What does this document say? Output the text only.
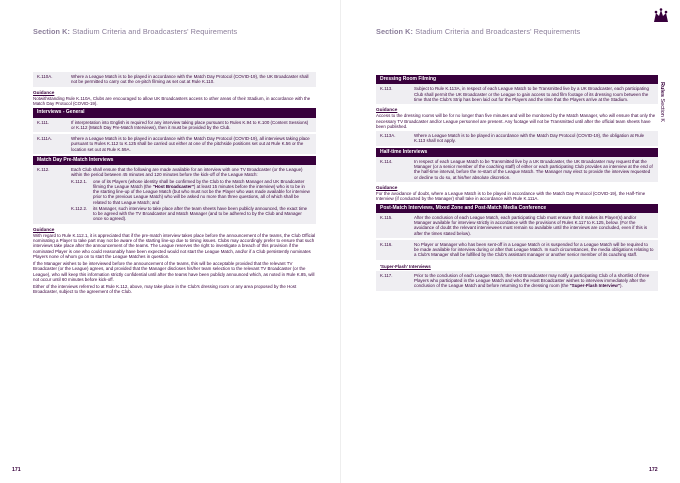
Section K: Stadium Criteria and Broadcasters' Requirements
K.110A.	Where a League Match is to be played in accordance with the Match Day Protocol (COVID-19), the UK Broadcaster shall not be permitted to carry out the on-pitch filming as set out at Rule K.110.
Guidance
Notwithstanding Rule K.110A, Clubs are encouraged to allow UK Broadcasters access to other areas of their Stadium, in accordance with the Match Day Protocol (COVID-19).
Interviews - General
K.111.	If interpretation into English is required for any interview taking place pursuant to Rules K.94 to K.100 (Content Sessions) or K.112 (Match Day Pre-Match Interviews), then it must be provided by the Club.
K.111A.	Where a League Match is to be played in accordance with the Match Day Protocol (COVID-19), all interviews taking place pursuant to Rules K.112 to K.125 shall be carried out either at one of the pitchside positions set out at Rule K.56 or the location set out at Rule K.59A.
Match Day Pre-Match Interviews
K.112.	Each Club shall ensure that the following are made available for an interview with one TV Broadcaster (or the League) within the period between 45 minutes and 120 minutes before the kick-off of the League Match:
K.112.1.	one of its Players (whose identity shall be confirmed by the Club to the Match Manager and UK Broadcaster filming the League Match (the "Host Broadcaster") at least 15 minutes before the interview) who is to be in the starting line-up of the League Match (but who must not be the Player who was made available for interview prior to the previous League Match) who will be asked no more than three questions, all of which shall be related to that League Match; and
K.112.2.	its Manager, such interview to take place after the team sheets have been publicly announced, the exact time to be agreed with the TV Broadcaster and Match Manager (and to be adhered to by the Club and Manager once so agreed).
Guidance
With regard to Rule K.112.1, it is appreciated that if the pre-match interview takes place before the announcement of the teams, the Club Official nominating a Player to take part may not be aware of the starting line-up due to timing issues. Clubs may accordingly prefer to ensure that such interviews take place after the announcement of the teams. The League reserves the right to investigate a breach of this provision if the nominated Player is one who could reasonably have been expected would not start the League Match, and/or if a Club persistently nominates Players none of whom go on to start the League Matches in question.
If the Manager wishes to be interviewed before the announcement of the teams, this will be acceptable provided that the relevant TV Broadcaster (or the League) agrees, and provided that the Manager discloses his/her team selection to the relevant TV Broadcaster (or the League), who will keep this information strictly confidential until after the teams have been publicly announced which, as noted in Rule K.85, will not occur until 60 minutes before kick-off.
Either of the interviews referred to at Rule K.112, above, may take place in the Club's dressing room or any area proposed by the Host Broadcaster, subject to the agreement of the Club.
171
Section K: Stadium Criteria and Broadcasters' Requirements
Dressing Room Filming
K.113.	Subject to Rule K.113A, in respect of each League Match to be Transmitted live by a UK Broadcaster, each participating Club shall permit the UK Broadcaster or the League to gain access to and film footage of its dressing room between the time that the Club's Strip has been laid out for the Players and the time that the Players arrive at the Stadium.
Guidance
Access to the dressing rooms will be for no longer than five minutes and will be monitored by the Match Manager, who will ensure that only the necessary TV Broadcaster and/or League personnel are present. Any footage will not be Transmitted until after the official team sheets have been published.
K.113A.	Where a League Match is to be played in accordance with the Match Day Protocol (COVID-19), the obligation at Rule K.113 shall not apply.
Half-time Interviews
K.114.	In respect of each League Match to be Transmitted live by a UK Broadcaster, the UK Broadcaster may request that the Manager (or a senior member of the coaching staff) of either or each participating Club provides an interview at the end of the half-time interval, before the re-start of the League Match. The Manager may elect to provide the interview requested or decline to do so, at his/her absolute discretion.
Guidance
For the avoidance of doubt, where a League Match is to be played in accordance with the Match Day Protocol (COVID-19), the Half-Time Interview (if conducted by the Manager) shall take in accordance with Rule K.111A.
Post-Match Interviews, Mixed Zone and Post-Match Media Conference
K.115.	After the conclusion of each League Match, each participating Club must ensure that it makes its Player(s) and/or Manager available for interview strictly in accordance with the provisions of Rules K.117 to K.125, below. (For the avoidance of doubt the relevant interviewees must remain so available until the interviews are concluded, even if this is after the times stated below).
K.116.	No Player or Manager who has been sent-off in a League Match or is suspended for a League Match will be required to be made available for interview during or after that League Match. In such circumstances, the media obligations relating to a Club's Manager shall be fulfilled by the Club's assistant manager or another senior member of its coaching staff.
'Super-Flash' Interviews
K.117.	Prior to the conclusion of each League Match, the Host Broadcaster may notify a participating Club of a shortlist of three Players who participated in the League Match and who the Host Broadcaster wishes to interview immediately after the conclusion of the League Match and before returning to the dressing room (the "Super-Flash Interview").
172
Rules Section K
